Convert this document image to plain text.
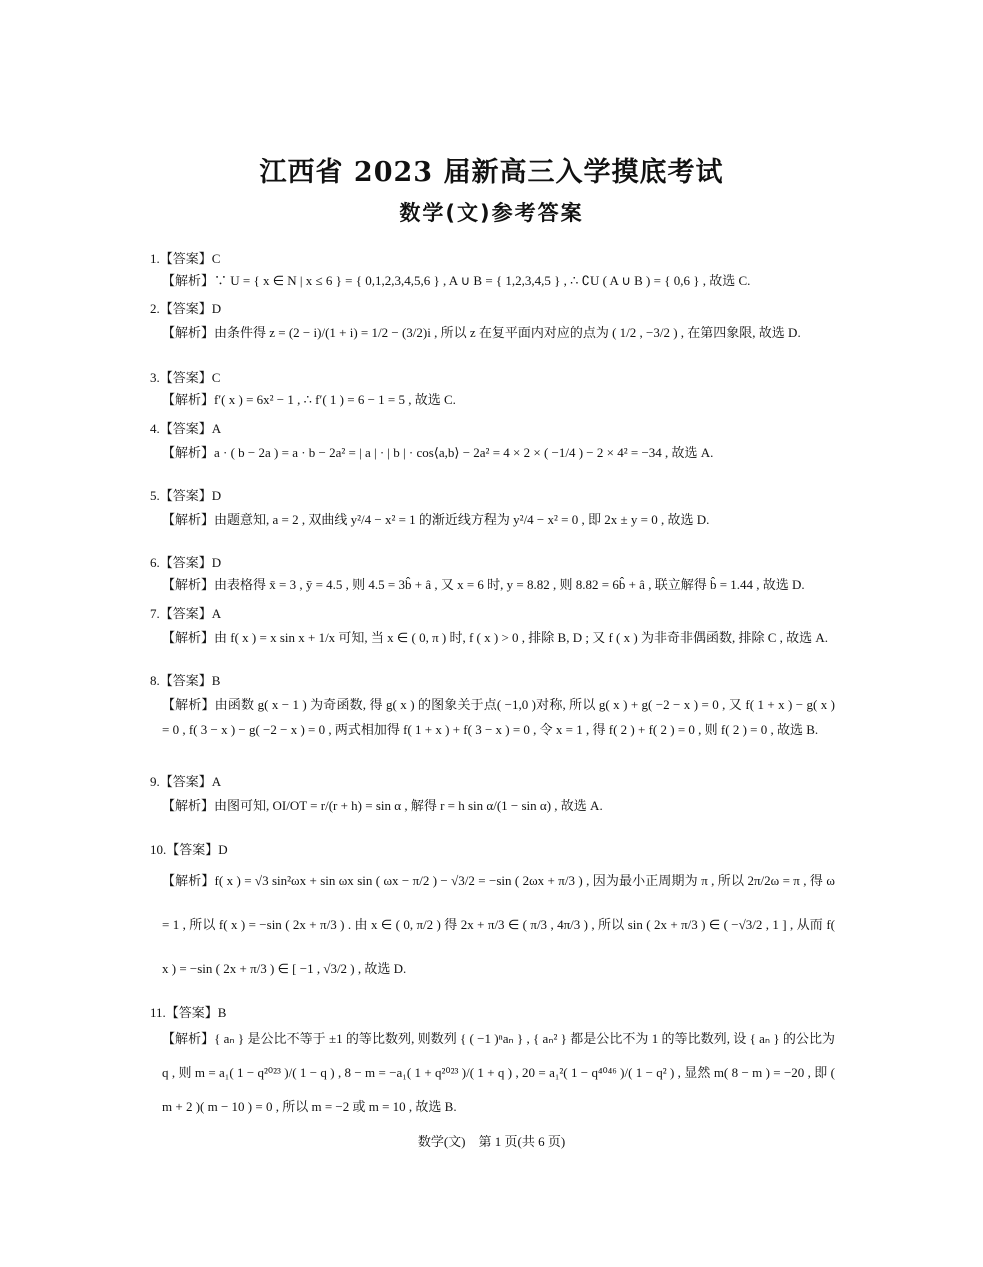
江西省 2023 届新高三入学摸底考试
数学(文)参考答案
1.【答案】C
【解析】∵ U = { x ∈ N | x ≤ 6 } = { 0,1,2,3,4,5,6 } , A ∪ B = { 1,2,3,4,5 } , ∴ ∁U ( A ∪ B ) = { 0,6 } , 故选 C.
2.【答案】D
【解析】由条件得 z = (2 − i)/(1 + i) = 1/2 − (3/2)i , 所以 z 在复平面内对应的点为 ( 1/2 , −3/2 ) , 在第四象限, 故选 D.
3.【答案】C
【解析】f′( x ) = 6x² − 1 , ∴ f′( 1 ) = 6 − 1 = 5 , 故选 C.
4.【答案】A
【解析】a · ( b − 2a ) = a · b − 2a² = | a | · | b | · cos⟨a,b⟩ − 2a² = 4 × 2 × ( −1/4 ) − 2 × 4² = −34 , 故选 A.
5.【答案】D
【解析】由题意知, a = 2 , 双曲线 y²/4 − x² = 1 的渐近线方程为 y²/4 − x² = 0 , 即 2x ± y = 0 , 故选 D.
6.【答案】D
【解析】由表格得 x̄ = 3 , ȳ = 4.5 , 则 4.5 = 3b̂ + â , 又 x = 6 时, y = 8.82 , 则 8.82 = 6b̂ + â , 联立解得 b̂ = 1.44 , 故选 D.
7.【答案】A
【解析】由 f( x ) = x sin x + 1/x 可知, 当 x ∈ ( 0, π ) 时, f ( x ) > 0 , 排除 B, D ; 又 f ( x ) 为非奇非偶函数, 排除 C , 故选 A.
8.【答案】B
【解析】由函数 g( x − 1 ) 为奇函数, 得 g( x ) 的图象关于点( −1,0 )对称, 所以 g( x ) + g( −2 − x ) = 0 , 又 f( 1 + x ) − g( x ) = 0 , f( 3 − x ) − g( −2 − x ) = 0 , 两式相加得 f( 1 + x ) + f( 3 − x ) = 0 , 令 x = 1 , 得 f( 2 ) + f( 2 ) = 0 , 则 f( 2 ) = 0 , 故选 B.
9.【答案】A
【解析】由图可知, OI/OT = r/(r + h) = sin α , 解得 r = h sin α/(1 − sin α) , 故选 A.
10.【答案】D
【解析】f( x ) = √3 sin²ωx + sin ωx sin ( ωx − π/2 ) − √3/2 = −sin ( 2ωx + π/3 ) , 因为最小正周期为 π , 所以 2π/2ω = π , 得 ω = 1 , 所以 f( x ) = −sin ( 2x + π/3 ) . 由 x ∈ ( 0, π/2 ) 得 2x + π/3 ∈ ( π/3 , 4π/3 ) , 所以 sin ( 2x + π/3 ) ∈ ( −√3/2 , 1 ] , 从而 f( x ) = −sin ( 2x + π/3 ) ∈ [ −1 , √3/2 ) , 故选 D.
11.【答案】B
【解析】{ aₙ } 是公比不等于 ±1 的等比数列, 则数列 { ( −1 )ⁿaₙ } , { aₙ² } 都是公比不为 1 的等比数列, 设 { aₙ } 的公比为 q , 则 m = a₁( 1 − q²⁰²³ )/( 1 − q ) , 8 − m = −a₁( 1 + q²⁰²³ )/( 1 + q ) , 20 = a₁²( 1 − q⁴⁰⁴⁶ )/( 1 − q² ) , 显然 m( 8 − m ) = −20 , 即 ( m + 2 )( m − 10 ) = 0 , 所以 m = −2 或 m = 10 , 故选 B.
数学(文)　第 1 页(共 6 页)
